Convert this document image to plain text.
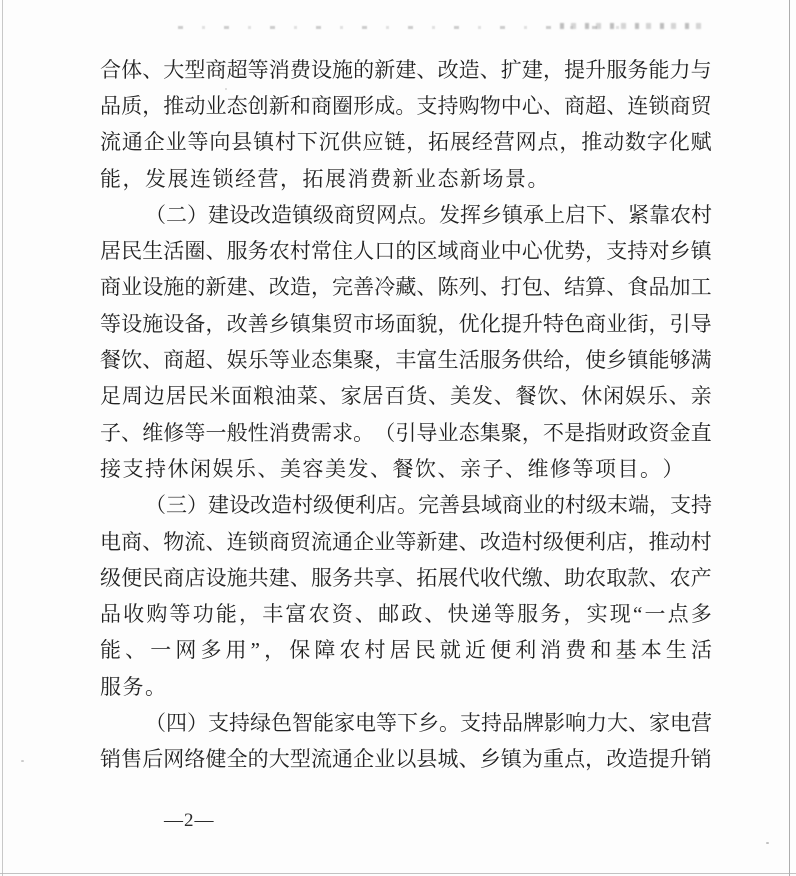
合 体 、 大 型 商 超 等 消 费 设 施 的 新 建 、 改 造 、 扩 建 ， 提 升 服 务 能 力 与
品 质 ， 推 动 业 态 创 新 和 商 圈 形 成 。 支 持 购 物 中 心 、 商 超 、 连 锁 商 贸
流 通 企 业 等 向 县 镇 村 下 沉 供 应 链 ， 拓 展 经 营 网 点 ， 推 动 数 字 化 赋
能 ， 发 展 连 锁 经 营 ， 拓 展 消 费 新 业 态 新 场 景 。
（ 二 ） 建 设 改 造 镇 级 商 贸 网 点 。 发 挥 乡 镇 承 上 启 下 、 紧 靠 农 村
居 民 生 活 圈 、 服 务 农 村 常 住 人 口 的 区 域 商 业 中 心 优 势 ， 支 持 对 乡 镇
商 业 设 施 的 新 建 、 改 造 ， 完 善 冷 藏 、 陈 列 、 打 包 、 结 算 、 食 品 加 工
等 设 施 设 备 ， 改 善 乡 镇 集 贸 市 场 面 貌 ， 优 化 提 升 特 色 商 业 街 ， 引 导
餐 饮 、 商 超 、 娱 乐 等 业 态 集 聚 ， 丰 富 生 活 服 务 供 给 ， 使 乡 镇 能 够 满
足 周 边 居 民 米 面 粮 油 菜 、 家 居 百 货 、 美 发 、 餐 饮 、 休 闲 娱 乐 、 亲
子 、 维 修 等 一 般 性 消 费 需 求 。 （ 引 导 业 态 集 聚 ， 不 是 指 财 政 资 金 直
接 支 持 休 闲 娱 乐 、 美 容 美 发 、 餐 饮 、 亲 子 、 维 修 等 项 目 。 ）
（ 三 ） 建 设 改 造 村 级 便 利 店 。 完 善 县 域 商 业 的 村 级 末 端 ， 支 持
电 商 、 物 流 、 连 锁 商 贸 流 通 企 业 等 新 建 、 改 造 村 级 便 利 店 ， 推 动 村
级 便 民 商 店 设 施 共 建 、 服 务 共 享 、 拓 展 代 收 代 缴 、 助 农 取 款 、 农 产
品 收 购 等 功 能 ， 丰 富 农 资 、 邮 政 、 快 递 等 服 务 ， 实 现 “ 一 点 多
能 、 一 网 多 用 ” ， 保 障 农 村 居 民 就 近 便 利 消 费 和 基 本 生 活
服 务 。
（ 四 ） 支 持 绿 色 智 能 家 电 等 下 乡 。 支 持 品 牌 影 响 力 大 、 家 电 营
销 售 后 网 络 健 全 的 大 型 流 通 企 业 以 县 城 、 乡 镇 为 重 点 ， 改 造 提 升 销
—2—
